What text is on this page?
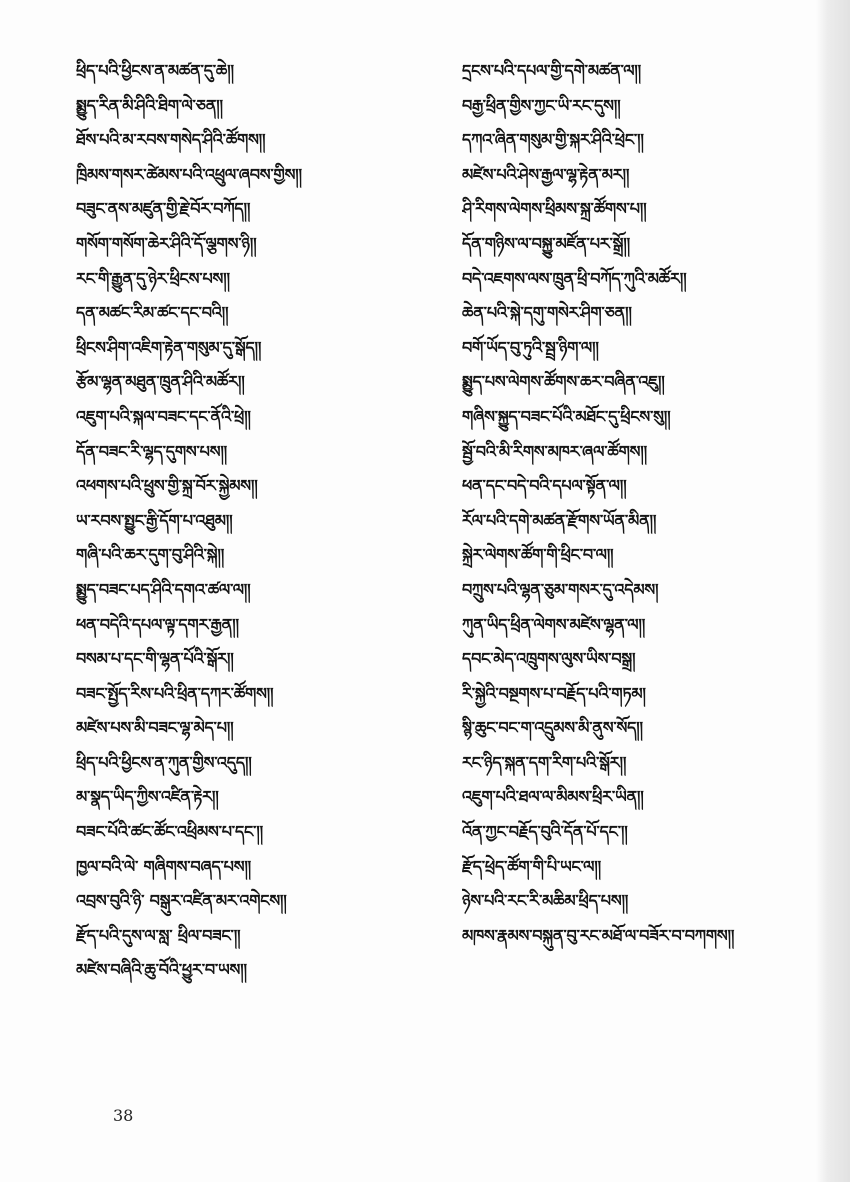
ཕྲིད་པའི་ཕྱིངས་ན་མཚན་དུ་ཆེ།།
སྨྱུད་རིན་མི་ཤིའི་ཐིག་ལེ་ཅན།།
ཐོས་པའི་མ་རབས་གསེད་ཤིའི་ཚོགས།།
ཁྲིམས་གསར་ཚེམས་པའི་འཕྲུལ་ཞབས་གྱིས།།
བཟུང་ནས་མཛུན་གྱི་རྗེ་བོར་བཀོད།།
གསོག་གསོག་ཆེར་ཤིའི་དོ་ལྕགས་ཉི།།
རང་གི་རྒྱུན་དུ་ཉེར་ཕྲིངས་པས།།
དན་མཚང་རིམ་ཚང་དང་བའི།།
ཕྲིངས་ཤིག་འཇིག་རྟེན་གསུམ་དུ་སྒོད།།
རྩོམ་ལྷན་མཐུན་ཁྲུན་ཤིའི་མཚོར།།
འཇུག་པའི་སྐལ་བཟང་དང་ནོའི་ཕྲེ།།
དོན་བཟང་རི་ལྷད་དུགས་པས།།
འཕགས་པའི་ཕྲུས་གྱི་སྐྲ་བོར་སྐྱེམས།།
ཡ་རབས་སྤྱུང་རྒྱི་དོག་པ་འཐུམ།།
གཞི་པའི་ཆར་དུག་བུ་ཤིའི་སྐེ།།
སྨྱུད་བཟང་པད་ཤིའི་དགའ་ཚལ་ལ།།
ཕན་བདེའི་དཔལ་ལྟ་དགར་རྒྱན།།
བསམ་པ་དང་གི་ལྷན་པོའི་སྒོར།།
བཟང་སྤྱོད་རིས་པའི་ཕྲིན་དཀར་ཚོགས།།
མཛེས་པས་མི་བཟང་ལྷ་མེད་པ།།
ཕྲིད་པའི་ཕྱིངས་ན་ཀུན་གྱིས་འདུད།།
མ་སྣད་ཡིད་ཀྱིས་འཛིན་རྟེར།།
བཟང་པོའི་ཚང་ཚོང་འཕྲིམས་པ་དང་།།
ཁྱལ་བའི་ལེ་ གཞིགས་བཞད་པས།།
འབྲས་བུའི་ཉི་ བསྒུར་འཛིན་མར་འགེངས།།
རྫོད་པའི་དུས་ལ་སླ་ ཕྲིལ་བཟང་།།
མཛེས་བཞིའི་ཆུ་བོའི་ཕྱུར་བ་ཡས།།
དྲངས་པའི་དཔལ་གྱི་དགེ་མཚན་ལ།།
བརྒྱ་ཕྲིན་གྱིས་ཀྱང་ཡི་རང་དུས།།
དཀའ་ཞིན་གསུམ་གྱི་སྐར་ཤིའི་ཕྲེང་།།
མཛེས་པའི་ཤེས་རྒྱལ་ལྷ་རྟེན་མར།།
ཤི་རིགས་ལེགས་ཕྲིམས་སྐྲ་ཚོགས་པ།།
དོན་གཉིས་ལ་བསྐྱུ་མཛོན་པར་སྒྲོ།།
བདེ་འཇགས་ལས་ཁྲུན་ཕྲི་བཀོད་ཀུའི་མཚོར།།
ཆེན་པའི་སྐེ་དགུ་གསེར་ཤིག་ཅན།།
བགོ་ཡོད་བུ་ཏུའི་སྦྲ་ཉིག་ལ།།
སྨྱུད་པས་ལེགས་ཚོགས་ཆར་བཞིན་འཇུ།།
གཞིས་སྐྱུད་བཟང་པོའི་མཐོང་དུ་ཕྲིངས་སུ།།
སྦྱོ་བའི་མི་རིགས་མཁར་ཞལ་ཚོགས།།
ཕན་དང་བདེ་བའི་དཔལ་སྟོན་ལ།།
རོལ་པའི་དགེ་མཚན་རྫོགས་ཡོན་མིན།།
སྐྲེར་ལེགས་ཚོག་གི་ཕྲིང་བ་ལ།།
བཀྲུས་པའི་ལྷན་ཅུམ་གསར་དུ་འདེམས།
ཀུན་ཡིད་ཕྲིན་ལེགས་མཛེས་ལྷན་ལ།།
དབང་མེད་འཁྲུགས་ལུས་ཡིས་བསྒྲ།
རི་སྐྱེའི་བསྔགས་པ་བརྗོད་པའི་གཏམ།
སྙི་ཆུང་བང་ག་འདྲུམས་མི་ནུས་སོད།།
རང་ཉིད་སྐན་དག་རིག་པའི་སྒོར།།
འཇུག་པའི་ཐལ་ལ་མིམས་ཕྲིར་ཡིན།།
འོན་ཀྱང་བརྗོད་བུའི་དོན་པོ་དང་།།
རྫོད་ཕྲེད་ཚོག་གི་པི་ཡང་ལ།།
ཉེས་པའི་རང་རི་མཆིམ་ཕྲིད་པས།།
མཁས་རྣམས་བསྐུན་བུ་རང་མཐོ་ལ་བཟོར་བ་བཀགས།།
38
